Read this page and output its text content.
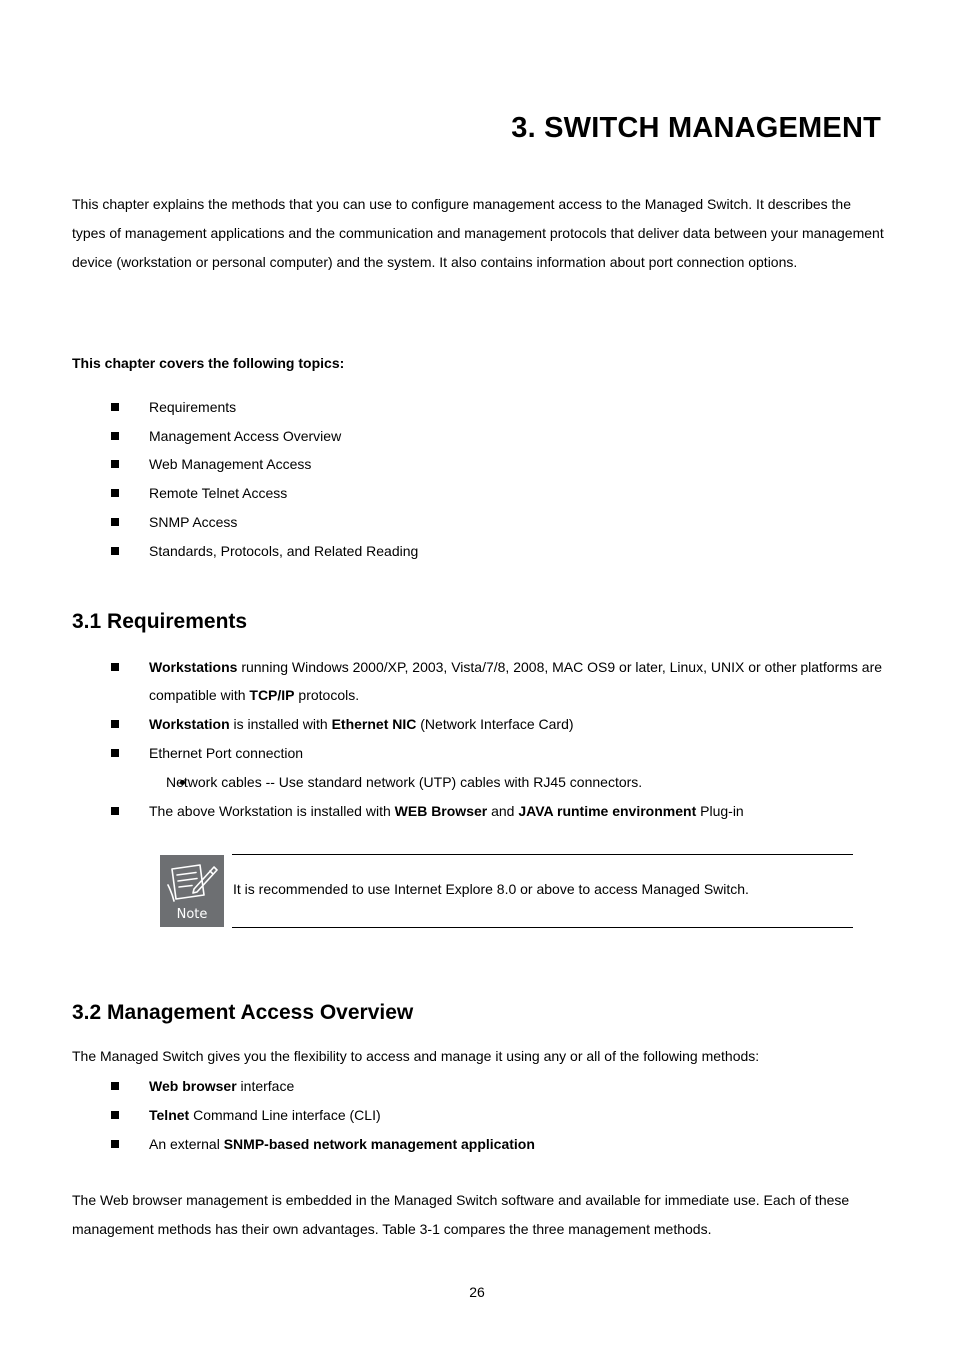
3. SWITCH MANAGEMENT
This chapter explains the methods that you can use to configure management access to the Managed Switch. It describes the types of management applications and the communication and management protocols that deliver data between your management device (workstation or personal computer) and the system. It also contains information about port connection options.
This chapter covers the following topics:
Requirements
Management Access Overview
Web Management Access
Remote Telnet Access
SNMP Access
Standards, Protocols, and Related Reading
3.1 Requirements
Workstations running Windows 2000/XP, 2003, Vista/7/8, 2008, MAC OS9 or later, Linux, UNIX or other platforms are compatible with TCP/IP protocols.
Workstation is installed with Ethernet NIC (Network Interface Card)
Ethernet Port connection
Network cables -- Use standard network (UTP) cables with RJ45 connectors.
The above Workstation is installed with WEB Browser and JAVA runtime environment Plug-in
Note
It is recommended to use Internet Explore 8.0 or above to access Managed Switch.
3.2 Management Access Overview
The Managed Switch gives you the flexibility to access and manage it using any or all of the following methods:
Web browser interface
Telnet Command Line interface (CLI)
An external SNMP-based network management application
The Web browser management is embedded in the Managed Switch software and available for immediate use. Each of these management methods has their own advantages. Table 3-1 compares the three management methods.
26
